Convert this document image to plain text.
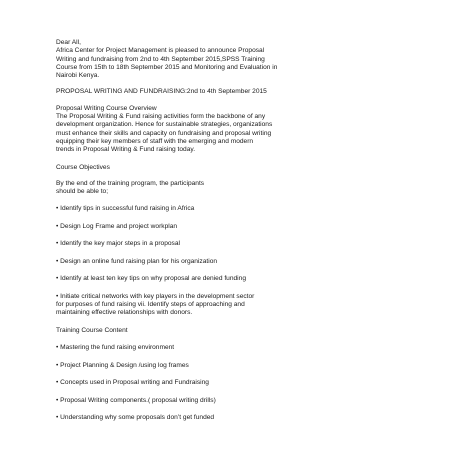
Dear All,

Africa Center for Project Management is pleased to announce Proposal
Writing and fundraising from 2nd to 4th September 2015,SPSS Training
Course from 15th to 18th September 2015 and Monitoring and Evaluation in
Nairobi Kenya.

PROPOSAL WRITING AND FUNDRAISING:2nd to 4th September 2015

Proposal Writing Course Overview

The Proposal Writing & Fund raising activities form the backbone of any
development organization. Hence for sustainable strategies, organizations
must enhance their skills and capacity on fundraising and proposal writing
equipping their key members of staff with the emerging and modern
trends in Proposal Writing & Fund raising today.

Course Objectives

By the end of the training program, the participants
should be able to;

• Identify tips in successful fund raising in Africa
• Design Log Frame and project workplan
• Identify the key major steps in a proposal
• Design an online fund raising plan for his organization
• Identify at least ten key tips on why proposal are denied funding
• Initiate critical networks with key players in the development sector
for purposes of fund raising vii. Identify steps of approaching and
maintaining effective relationships with donors.

Training Course Content

• Mastering the fund raising environment
• Project Planning & Design /using log frames
• Concepts used in Proposal writing and Fundraising
• Proposal Writing components.( proposal writing drills)
• Understanding why some proposals don’t get funded
